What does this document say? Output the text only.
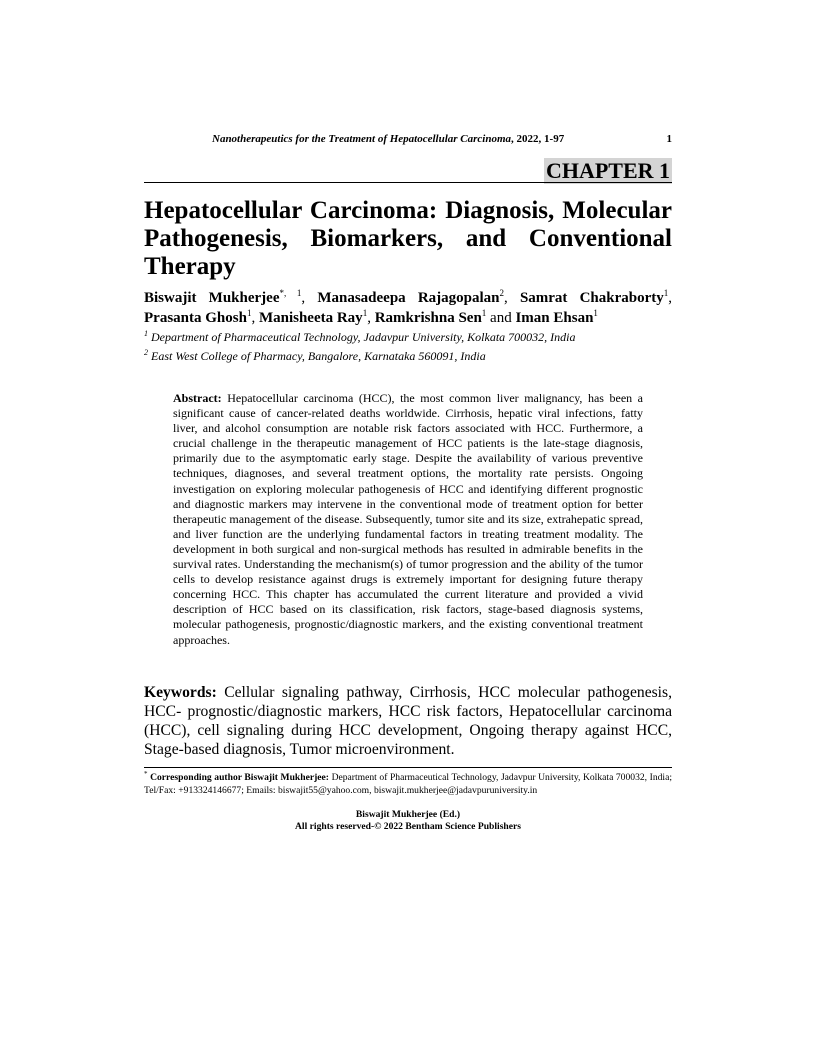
Nanotherapeutics for the Treatment of Hepatocellular Carcinoma, 2022, 1-97	1
CHAPTER 1
Hepatocellular Carcinoma: Diagnosis, Molecular Pathogenesis, Biomarkers, and Conventional Therapy
Biswajit Mukherjee$^{*, 1}$, Manasadeepa Rajagopalan$^2$, Samrat Chakraborty$^1$, Prasanta Ghosh$^1$, Manisheeta Ray$^1$, Ramkrishna Sen$^1$ and Iman Ehsan$^1$
$^1$ Department of Pharmaceutical Technology, Jadavpur University, Kolkata 700032, India
$^2$ East West College of Pharmacy, Bangalore, Karnataka 560091, India
Abstract: Hepatocellular carcinoma (HCC), the most common liver malignancy, has been a significant cause of cancer-related deaths worldwide. Cirrhosis, hepatic viral infections, fatty liver, and alcohol consumption are notable risk factors associated with HCC. Furthermore, a crucial challenge in the therapeutic management of HCC patients is the late-stage diagnosis, primarily due to the asymptomatic early stage. Despite the availability of various preventive techniques, diagnoses, and several treatment options, the mortality rate persists. Ongoing investigation on exploring molecular pathogenesis of HCC and identifying different prognostic and diagnostic markers may intervene in the conventional mode of treatment option for better therapeutic management of the disease. Subsequently, tumor site and its size, extrahepatic spread, and liver function are the underlying fundamental factors in treating treatment modality. The development in both surgical and non-surgical methods has resulted in admirable benefits in the survival rates. Understanding the mechanism(s) of tumor progression and the ability of the tumor cells to develop resistance against drugs is extremely important for designing future therapy concerning HCC. This chapter has accumulated the current literature and provided a vivid description of HCC based on its classification, risk factors, stage-based diagnosis systems, molecular pathogenesis, prognostic/diagnostic markers, and the existing conventional treatment approaches.
Keywords: Cellular signaling pathway, Cirrhosis, HCC molecular pathogenesis, HCC- prognostic/diagnostic markers, HCC risk factors, Hepatocellular carcinoma (HCC), cell signaling during HCC development, Ongoing therapy against HCC, Stage-based diagnosis, Tumor microenvironment.
* Corresponding author Biswajit Mukherjee: Department of Pharmaceutical Technology, Jadavpur University, Kolkata 700032, India; Tel/Fax: +913324146677; Emails: biswajit55@yahoo.com, biswajit.mukherjee@jadavpuruniversity.in
Biswajit Mukherjee (Ed.)
All rights reserved-© 2022 Bentham Science Publishers
